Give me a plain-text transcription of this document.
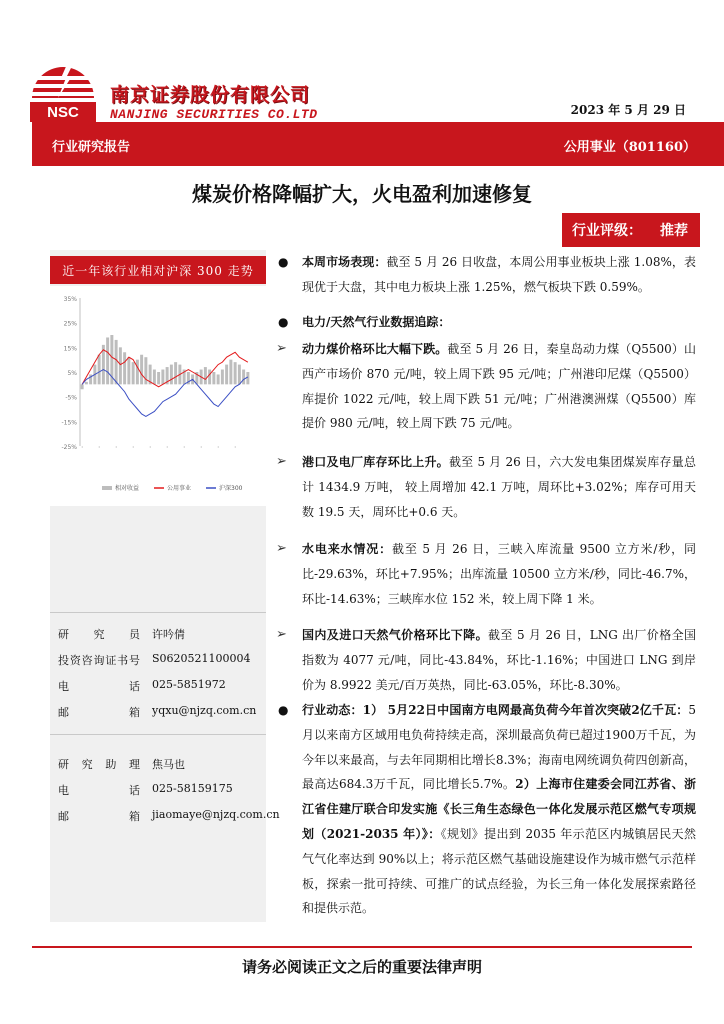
NSC
南京证券股份有限公司
NANJING SECURITIES CO.LTD	2023 年 5 月 29 日
行业研究报告	公用事业（801160）
煤炭价格降幅扩大，火电盈利加速修复
行业评级： 推荐
近一年该行业相对沪深 300 走势
-25%
-15%
-5%
5%
15%
25%
35%
相对收益	公用事业	沪深300
研究员 许吟倩
投资咨询证书号 S0620521100004
电话 025-5851972
邮箱 yqxu@njzq.com.cn
研究助理 焦马也
电话 025-58159175
邮箱 jiaomaye@njzq.com.cn
●	本周市场表现：截至 5 月 26 日收盘，本周公用事业板块上涨 1.08%，表现优于大盘，其中电力板块上涨 1.25%，燃气板块下跌 0.59%。
●	电力/天然气行业数据追踪：
➢	动力煤价格环比大幅下跌。截至 5 月 26 日，秦皇岛动力煤（Q5500）山西产市场价 870 元/吨，较上周下跌 95 元/吨；广州港印尼煤（Q5500）库提价 1022 元/吨，较上周下跌 51 元/吨；广州港澳洲煤（Q5500）库提价 980 元/吨，较上周下跌 75 元/吨。
➢	港口及电厂库存环比上升。截至 5 月 26 日，六大发电集团煤炭库存量总计 1434.9 万吨， 较上周增加 42.1 万吨，周环比+3.02%；库存可用天数 19.5 天，周环比+0.6 天。
➢	水电来水情况：截至 5 月 26 日，三峡入库流量 9500 立方米/秒，同比-29.63%，环比+7.95%；出库流量 10500 立方米/秒，同比-46.7%，环比-14.63%；三峡库水位 152 米，较上周下降 1 米。
➢	国内及进口天然气价格环比下降。截至 5 月 26 日，LNG 出厂价格全国指数为 4077 元/吨，同比-43.84%，环比-1.16%；中国进口 LNG 到岸价为 8.9922 美元/百万英热，同比-63.05%，环比-8.30%。
●	行业动态：1） 5月22日中国南方电网最高负荷今年首次突破2亿千瓦：5月以来南方区域用电负荷持续走高，深圳最高负荷已超过1900万千瓦，为今年以来最高，与去年同期相比增长8.3%；海南电网统调负荷四创新高，最高达684.3万千瓦，同比增长5.7%。2）上海市住建委会同江苏省、浙江省住建厅联合印发实施《长三角生态绿色一体化发展示范区燃气专项规划（2021-2035 年）》：《规划》提出到 2035 年示范区内城镇居民天然气气化率达到 90%以上；将示范区燃气基础设施建设作为城市燃气示范样板，探索一批可持续、可推广的试点经验，为长三角一体化发展探索路径和提供示范。
请务必阅读正文之后的重要法律声明
